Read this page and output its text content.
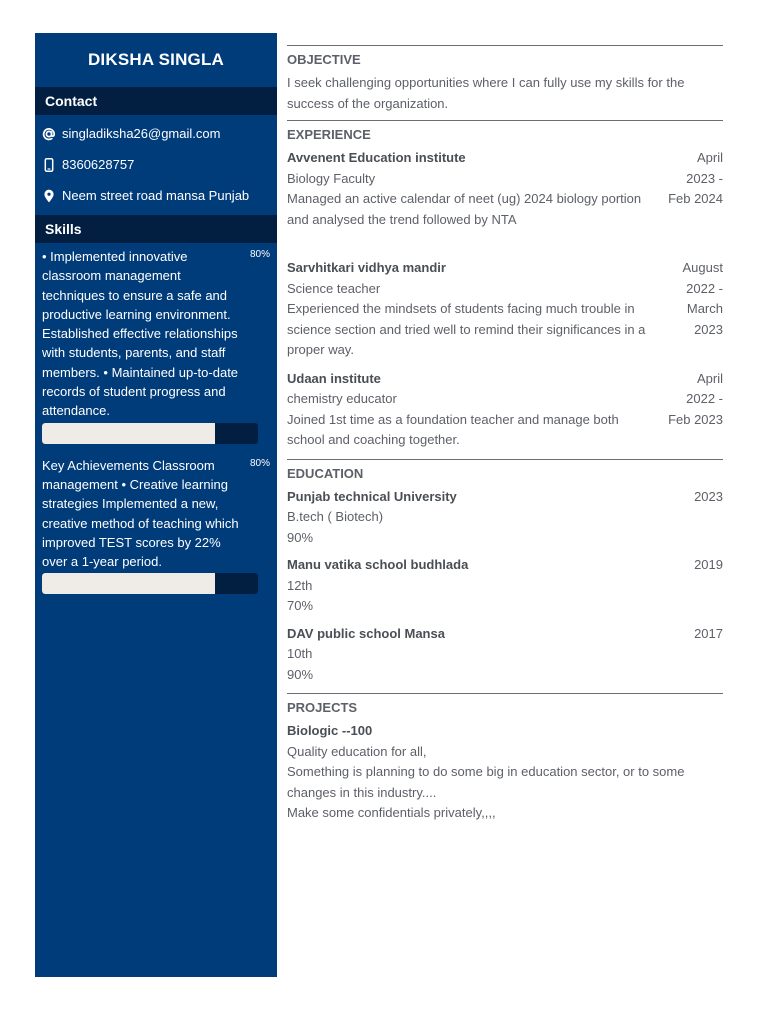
DIKSHA SINGLA
Contact
singladiksha26@gmail.com
8360628757
Neem street road mansa Punjab
Skills
• Implemented innovative classroom management techniques to ensure a safe and productive learning environment. Established effective relationships with students, parents, and staff members. • Maintained up-to-date records of student progress and attendance.
80%
Key Achievements Classroom management • Creative learning strategies Implemented a new, creative method of teaching which improved TEST scores by 22% over a 1-year period.
80%
OBJECTIVE
I seek challenging opportunities where I can fully use my skills for the success of the organization.
EXPERIENCE
Avvenent Education institute
Biology Faculty
Managed an active calendar of neet (ug) 2024 biology portion and analysed the trend followed by NTA
April
2023 -
Feb 2024
Sarvhitkari vidhya mandir
Science teacher
Experienced the mindsets of students facing much trouble in science section and tried well to remind their significances in a proper way.
August
2022 -
March
2023
Udaan institute
chemistry educator
Joined 1st time as a foundation teacher and manage both school and coaching together.
April
2022 -
Feb 2023
EDUCATION
Punjab technical University
B.tech ( Biotech)
90%
2023
Manu vatika school budhlada
12th
70%
2019
DAV public school Mansa
10th
90%
2017
PROJECTS
Biologic --100
Quality education for all,
Something is planning to do some big in education sector, or to some changes in this industry....
Make some confidentials privately,,,,
